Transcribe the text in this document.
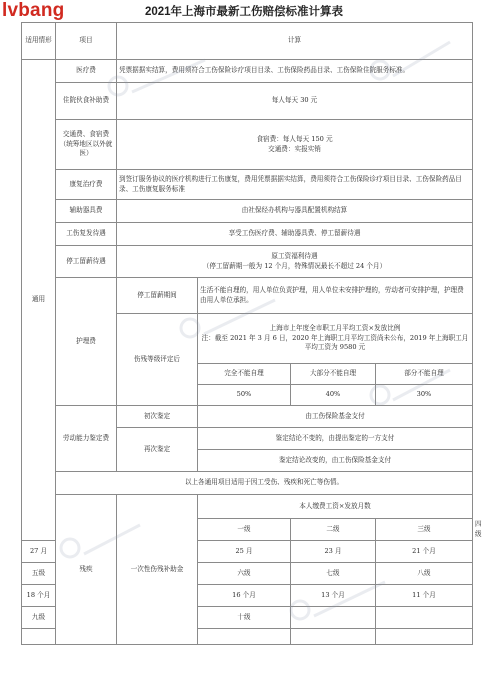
lvbang	2021年上海市最新工伤赔偿标准计算表
适用情形	项目	计算				
通用	医疗费	凭票据据实结算，费用须符合工伤保险诊疗项目目录、工伤保险药品目录、工伤保险住院服务标准。				
	住院伙食补助费	每人每天 30 元				
	交通费、食宿费（统筹地区以外就医）	食宿费：每人每天 150 元
交通费：实报实销				

	康复治疗费	到签订服务协议的医疗机构进行工伤康复，费用凭票据据实结算，费用须符合工伤保险诊疗项目目录、工伤保险药品目录、工伤康复服务标准				
	辅助器具费	由社保经办机构与器具配置机构结算				
	工伤复发待遇	享受工伤医疗费、辅助器具费、停工留薪待遇				
	停工留薪待遇	原工资福利待遇
（停工留薪期一般为 12 个月，特殊情况最长不超过 24 个月）				

	护理费	停工留薪期间	生活不能自理的，用人单位负责护理，用人单位未安排护理的，劳动者可安排护理，护理费由用人单位承担。			
		伤残等级评定后	上海市上年度全市职工月平均工资×发放比例
注：截至 2021 年 3 月 6 日，2020 年上海职工月平均工资尚未公布，2019 年上海职工月平均工资为 9580 元			

			完全不能自理	大部分不能自理	部分不能自理	
			50%	40%	30%	
	劳动能力鉴定费	初次鉴定	由工伤保险基金支付			
		再次鉴定	鉴定结论不变的，由提出鉴定的一方支付			
			鉴定结论改变的，由工伤保险基金支付			
	以上各通用项目适用于因工受伤、残疾和死亡等伤情。					
	残疾	一次性伤残补助金	本人缴费工资×发放月数			
			一级	二级	三级	四级
27 月			25 月	23 月	21 个月	
五级			六级	七级	八级	
18 个月			16 个月	13 个月	11 个月	
九级			十级			
